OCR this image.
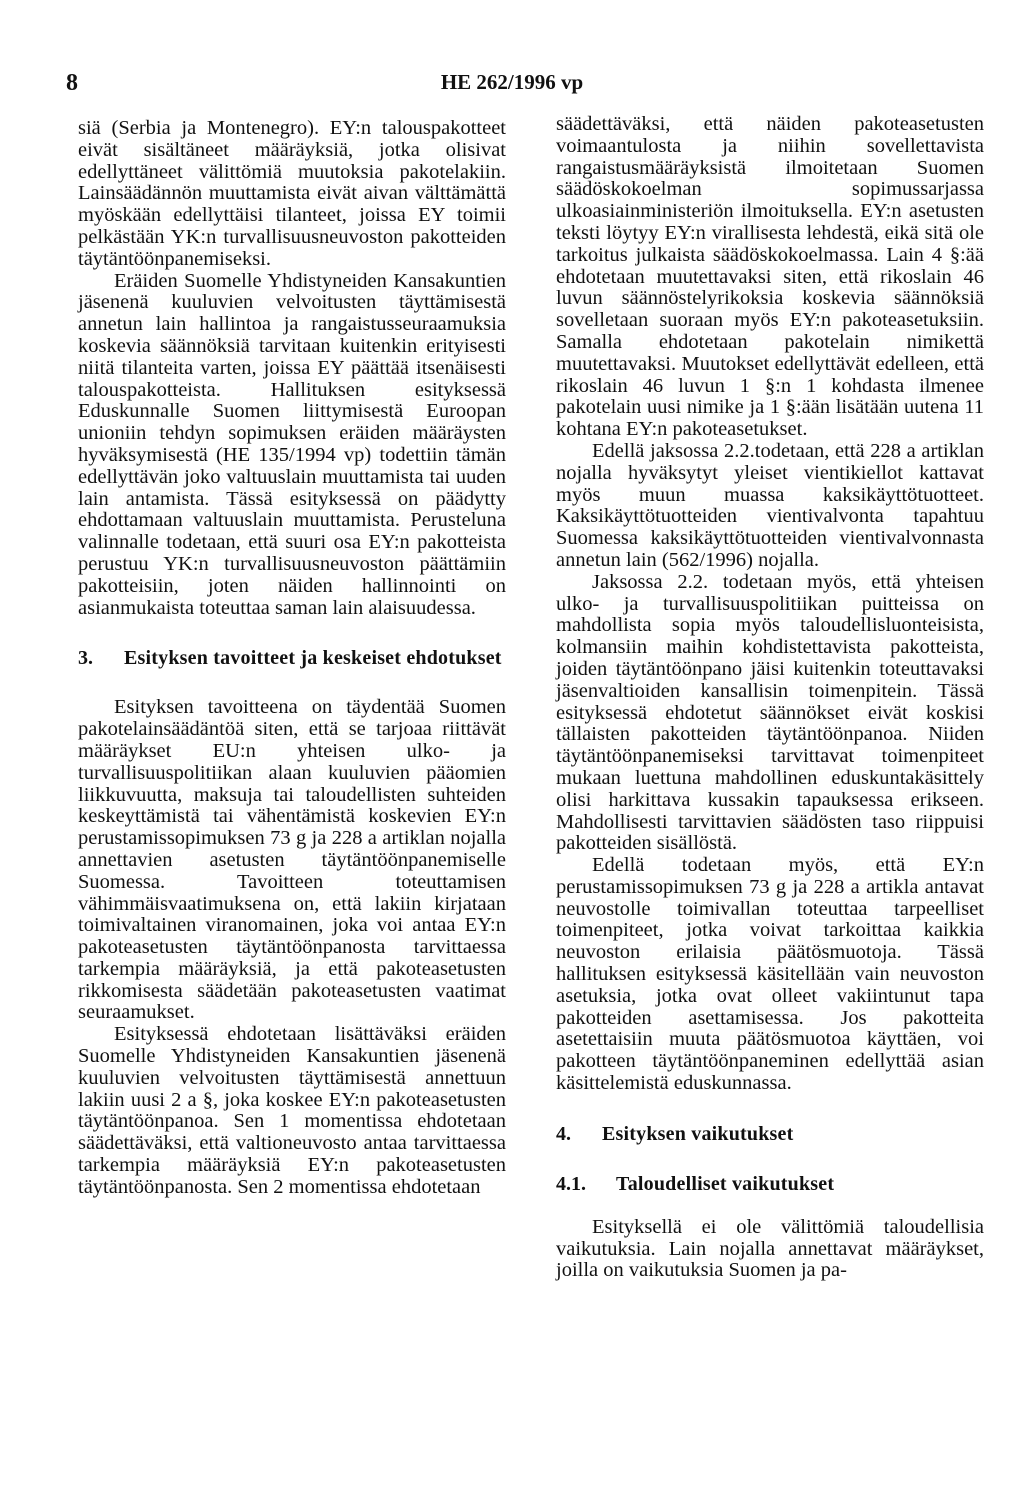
8	HE 262/1996 vp

siä (Serbia ja Montenegro). EY:n talouspakotteet eivät sisältäneet määräyksiä, jotka olisivat edellyttäneet välittömiä muutoksia pakotelakiin. Lainsäädännön muuttamista eivät aivan välttämättä myöskään edellyttäisi tilanteet, joissa EY toimii pelkästään YK:n turvallisuusneuvoston pakotteiden täytäntöönpanemiseksi.

Eräiden Suomelle Yhdistyneiden Kansakuntien jäsenenä kuuluvien velvoitusten täyttämisestä annetun lain hallintoa ja rangaistusseuraamuksia koskevia säännöksiä tarvitaan kuitenkin erityisesti niitä tilanteita varten, joissa EY päättää itsenäisesti talouspakotteista. Hallituksen esityksessä Eduskunnalle Suomen liittymisestä Euroopan unioniin tehdyn sopimuksen eräiden määräysten hyväksymisestä (HE 135/1994 vp) todettiin tämän edellyttävän joko valtuuslain muuttamista tai uuden lain antamista. Tässä esityksessä on päädytty ehdottamaan valtuuslain muuttamista. Perusteluna valinnalle todetaan, että suuri osa EY:n pakotteista perustuu YK:n turvallisuusneuvoston päättämiin pakotteisiin, joten näiden hallinnointi on asianmukaista toteuttaa saman lain alaisuudessa.

3.	Esityksen tavoitteet ja keskeiset ehdotukset

Esityksen tavoitteena on täydentää Suomen pakotelainsäädäntöä siten, että se tarjoaa riittävät määräykset EU:n yhteisen ulko- ja turvallisuuspolitiikan alaan kuuluvien pääomien liikkuvuutta, maksuja tai taloudellisten suhteiden keskeyttämistä tai vähentämistä koskevien EY:n perustamissopimuksen 73 g ja 228 a artiklan nojalla annettavien asetusten täytäntöönpanemiselle Suomessa. Tavoitteen toteuttamisen vähimmäisvaatimuksena on, että lakiin kirjataan toimivaltainen viranomainen, joka voi antaa EY:n pakoteasetusten täytäntöönpanosta tarvittaessa tarkempia määräyksiä, ja että pakoteasetusten rikkomisesta säädetään pakoteasetusten vaatimat seuraamukset.

Esityksessä ehdotetaan lisättäväksi eräiden Suomelle Yhdistyneiden Kansakuntien jäsenenä kuuluvien velvoitusten täyttämisestä annettuun lakiin uusi 2 a §, joka koskee EY:n pakoteasetusten täytäntöönpanoa. Sen 1 momentissa ehdotetaan säädettäväksi, että valtioneuvosto antaa tarvittaessa tarkempia määräyksiä EY:n pakoteasetusten täytäntöönpanosta. Sen 2 momentissa ehdotetaan

säädettäväksi, että näiden pakoteasetusten voimaantulosta ja niihin sovellettavista rangaistusmääräyksistä ilmoitetaan Suomen säädöskokoelman sopimussarjassa ulkoasiainministeriön ilmoituksella. EY:n asetusten teksti löytyy EY:n virallisesta lehdestä, eikä sitä ole tarkoitus julkaista säädöskokoelmassa. Lain 4 §:ää ehdotetaan muutettavaksi siten, että rikoslain 46 luvun säännöstelyrikoksia koskevia säännöksiä sovelletaan suoraan myös EY:n pakoteasetuksiin. Samalla ehdotetaan pakotelain nimikettä muutettavaksi. Muutokset edellyttävät edelleen, että rikoslain 46 luvun 1 §:n 1 kohdasta ilmenee pakotelain uusi nimike ja 1 §:ään lisätään uutena 11 kohtana EY:n pakoteasetukset.

Edellä jaksossa 2.2.todetaan, että 228 a artiklan nojalla hyväksytyt yleiset vientikiellot kattavat myös muun muassa kaksikäyttötuotteet. Kaksikäyttötuotteiden vientivalvonta tapahtuu Suomessa kaksikäyttötuotteiden vientivalvonnasta annetun lain (562/1996) nojalla.

Jaksossa 2.2. todetaan myös, että yhteisen ulko- ja turvallisuuspolitiikan puitteissa on mahdollista sopia myös taloudellisluonteisista, kolmansiin maihin kohdistettavista pakotteista, joiden täytäntöönpano jäisi kuitenkin toteuttavaksi jäsenvaltioiden kansallisin toimenpitein. Tässä esityksessä ehdotetut säännökset eivät koskisi tällaisten pakotteiden täytäntöönpanoa. Niiden täytäntöönpanemiseksi tarvittavat toimenpiteet mukaan luettuna mahdollinen eduskuntakäsittely olisi harkittava kussakin tapauksessa erikseen. Mahdollisesti tarvittavien säädösten taso riippuisi pakotteiden sisällöstä.

Edellä todetaan myös, että EY:n perustamissopimuksen 73 g ja 228 a artikla antavat neuvostolle toimivallan toteuttaa tarpeelliset toimenpiteet, jotka voivat tarkoittaa kaikkia neuvoston erilaisia päätösmuotoja. Tässä hallituksen esityksessä käsitellään vain neuvoston asetuksia, jotka ovat olleet vakiintunut tapa pakotteiden asettamisessa. Jos pakotteita asetettaisiin muuta päätösmuotoa käyttäen, voi pakotteen täytäntöönpaneminen edellyttää asian käsittelemistä eduskunnassa.

4.	Esityksen vaikutukset
4.1.	Taloudelliset vaikutukset

Esityksellä ei ole välittömiä taloudellisia vaikutuksia. Lain nojalla annettavat määräykset, joilla on vaikutuksia Suomen ja pa-
